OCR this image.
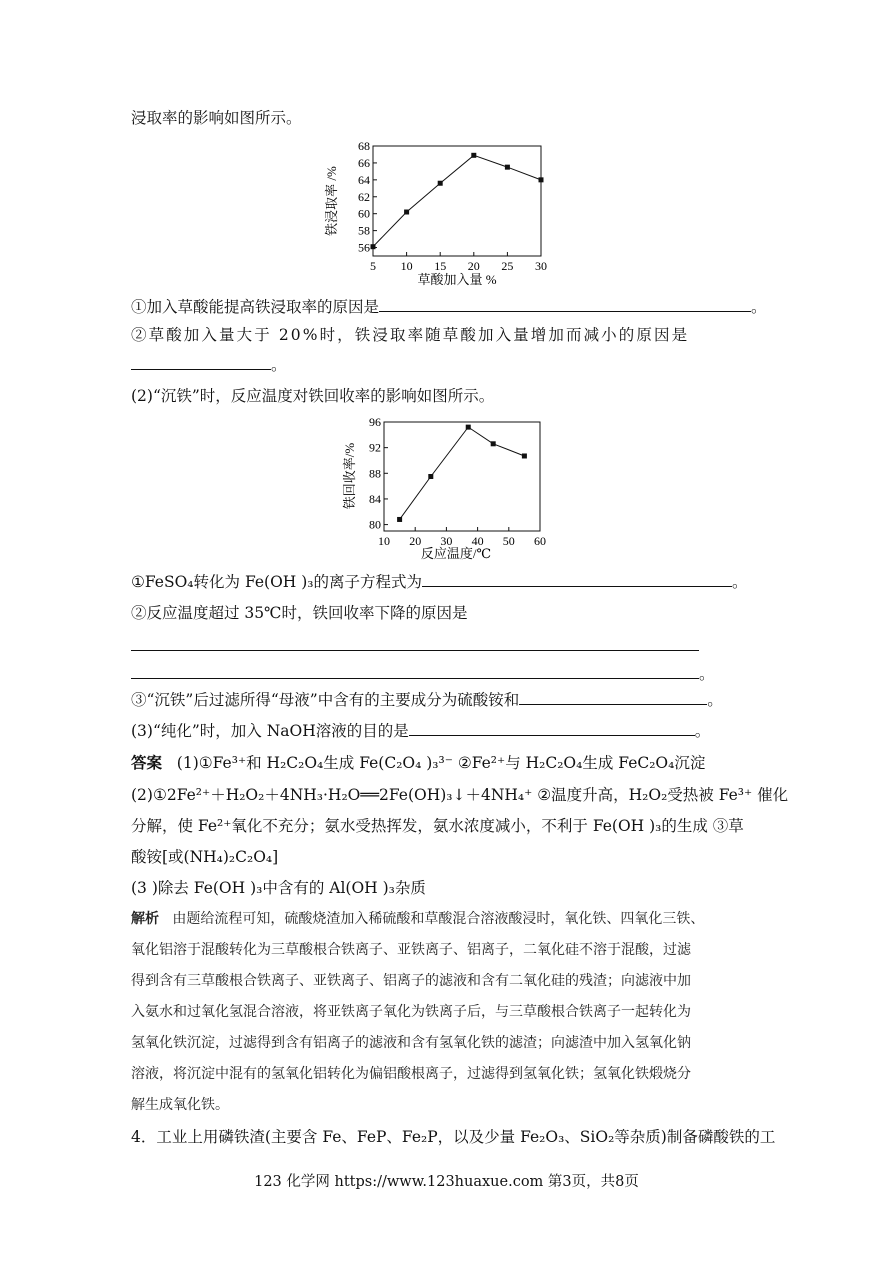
浸取率的影响如图所示。
56
58
60
62
64
66
68
5 10 15 20 25 30
草酸加入量 %
铁浸取率 /%
①加入草酸能提高铁浸取率的原因是	。
②草酸加入量大于 20%时，铁浸取率随草酸加入量增加而减小的原因是
。
(2)“沉铁”时，反应温度对铁回收率的影响如图所示。
80
84
88
92
96
10 20 30 40 50 60
反应温度/℃
铁回收率/%
①FeSO₄转化为 Fe(OH )₃的离子方程式为	。
②反应温度超过 35℃时，铁回收率下降的原因是
。
③“沉铁”后过滤所得“母液”中含有的主要成分为硫酸铵和	。
(3)“纯化”时，加入 NaOH溶液的目的是	。
答案 (1)①Fe³⁺和 H₂C₂O₄生成 Fe(C₂O₄ )₃³⁻ ②Fe²⁺与 H₂C₂O₄生成 FeC₂O₄沉淀
(2)①2Fe²⁺＋H₂O₂＋4NH₃·H₂O══2Fe(OH)₃↓＋4NH₄⁺ ②温度升高，H₂O₂受热被 Fe³⁺ 催化
分解，使 Fe²⁺氧化不充分；氨水受热挥发，氨水浓度减小，不利于 Fe(OH )₃的生成 ③草
酸铵[或(NH₄)₂C₂O₄]
(3 )除去 Fe(OH )₃中含有的 Al(OH )₃杂质
解析 由题给流程可知，硫酸烧渣加入稀硫酸和草酸混合溶液酸浸时，氧化铁、四氧化三铁、
氧化铝溶于混酸转化为三草酸根合铁离子、亚铁离子、铝离子，二氧化硅不溶于混酸，过滤
得到含有三草酸根合铁离子、亚铁离子、铝离子的滤液和含有二氧化硅的残渣；向滤液中加
入氨水和过氧化氢混合溶液，将亚铁离子氧化为铁离子后，与三草酸根合铁离子一起转化为
氢氧化铁沉淀，过滤得到含有铝离子的滤液和含有氢氧化铁的滤渣；向滤渣中加入氢氧化钠
溶液，将沉淀中混有的氢氧化铝转化为偏铝酸根离子，过滤得到氢氧化铁；氢氧化铁煅烧分
解生成氧化铁。
4．工业上用磷铁渣(主要含 Fe、FeP、Fe₂P，以及少量 Fe₂O₃、SiO₂等杂质)制备磷酸铁的工
123 化学网 https://www.123huaxue.com 第3页，共8页
